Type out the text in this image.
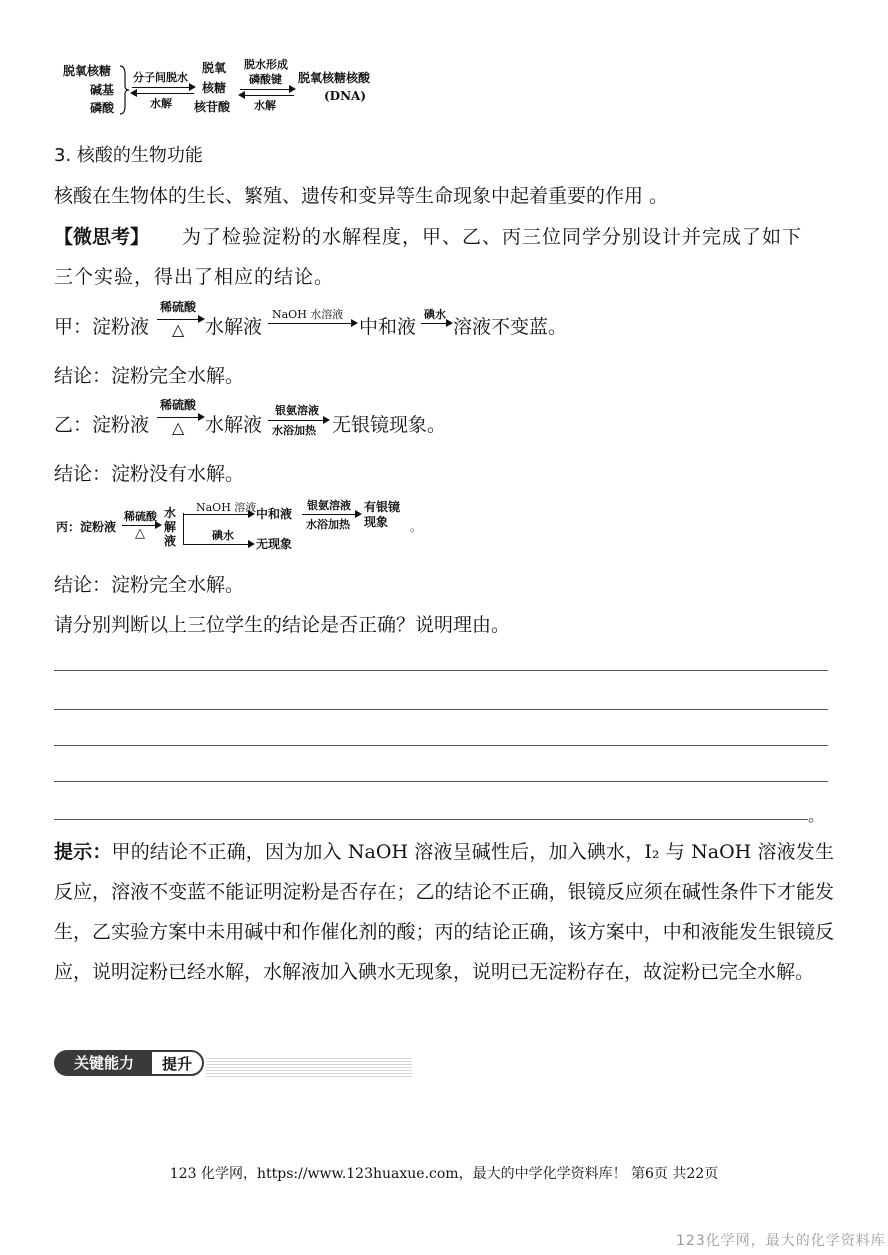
脱氧核糖
碱基
磷酸
分子间脱水
水解
脱氧
核糖
核苷酸
脱水形成
磷酸键
水解
脱氧核糖核酸
(DNA)
3. 核酸的生物功能
核酸在生物体的生长、繁殖、遗传和变异等生命现象中起着重要的作用 。
【微思考】 为了检验淀粉的水解程度，甲、乙、丙三位同学分别设计并完成了如下
三个实验，得出了相应的结论。
甲：淀粉液
稀硫酸
△ 水解液
NaOH 水溶液
中和液
碘水
→ 溶液不变蓝。
结论：淀粉完全水解。
乙：淀粉液
稀硫酸
△ 水解液
银氨溶液
水浴加热 无银镜现象。
结论：淀粉没有水解。
丙：淀粉液
稀硫酸
△
水
解
液
NaOH 溶液 中和液
银氨溶液
水浴加热
有银镜
现象
碘水
无现象
。
结论：淀粉完全水解。
请分别判断以上三位学生的结论是否正确？说明理由。
。
提示：甲的结论不正确，因为加入 NaOH 溶液呈碱性后，加入碘水，I₂ 与 NaOH 溶液发生反应，溶液不变蓝不能证明淀粉是否存在；乙的结论不正确，银镜反应须在碱性条件下才能发生，乙实验方案中未用碱中和作催化剂的酸；丙的结论正确，该方案中，中和液能发生银镜反应，说明淀粉已经水解，水解液加入碘水无现象，说明已无淀粉存在，故淀粉已完全水解。
关键能力	提升
123 化学网，https://www.123huaxue.com，最大的中学化学资料库！ 第6页 共22页
123化学网，最大的化学资料库
